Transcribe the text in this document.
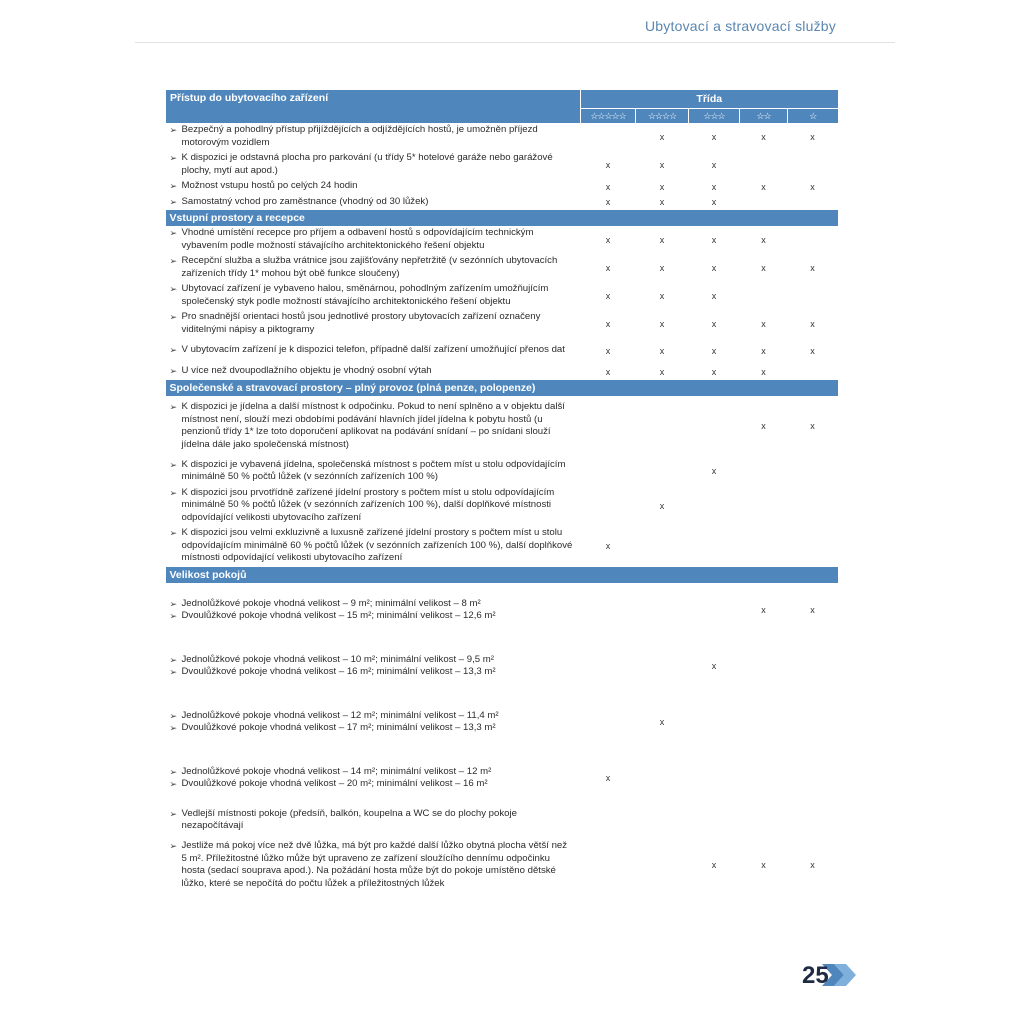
Ubytovací a stravovací služby
Přístup do ubytovacího zařízení	Třída				
	☆☆☆☆☆	☆☆☆☆	☆☆☆	☆☆	☆

➢ Bezpečný a pohodlný přístup přijíždějících a odjíždějících hostů, je umožněn příjezd motorovým vozidlem		x	x	x	x

➢ K dispozici je odstavná plocha pro parkování (u třídy 5* hotelové garáže nebo garážové plochy, mytí aut apod.)	x	x	x		

➢ Možnost vstupu hostů po celých 24 hodin	x	x	x	x	x

➢ Samostatný vchod pro zaměstnance (vhodný od 30 lůžek)	x	x	x		
Vstupní prostory a recepce					

➢ Vhodné umístění recepce pro příjem a odbavení hostů s odpovídajícím technickým vybavením podle možností stávajícího architektonického řešení objektu	x	x	x	x	

➢ Recepční služba a služba vrátnice jsou zajišťovány nepřetržitě (v sezónních ubytovacích zařízeních třídy 1* mohou být obě funkce sloučeny)	x	x	x	x	x

➢ Ubytovací zařízení je vybaveno halou, směnárnou, pohodlným zařízením umožňujícím společenský styk podle možností stávajícího architektonického řešení objektu	x	x	x		

➢ Pro snadnější orientaci hostů jsou jednotlivé prostory ubytovacích zařízení označeny viditelnými nápisy a piktogramy	x	x	x	x	x

➢ V ubytovacím zařízení je k dispozici telefon, případně další zařízení umožňující přenos dat	x	x	x	x	x

➢ U více než dvoupodlažního objektu je vhodný osobní výtah	x	x	x	x	
Společenské a stravovací prostory – plný provoz (plná penze, polopenze)					

➢ K dispozici je jídelna a další místnost k odpočinku. Pokud to není splněno a v objektu další místnost není, slouží mezi obdobími podávání hlavních jídel jídelna k pobytu hostů (u penzionů třídy 1* lze toto doporučení aplikovat na podávání snídaní – po snídani slouží jídelna dále jako společenská místnost)				x	x

➢ K dispozici je vybavená jídelna, společenská místnost s počtem míst u stolu odpovídajícím minimálně 50 % počtů lůžek (v sezónních zařízeních 100 %)			x		

➢ K dispozici jsou prvotřídně zařízené jídelní prostory s počtem míst u stolu odpovídajícím minimálně 50 % počtů lůžek (v sezónních zařízeních 100 %), další doplňkové místnosti odpovídající velikosti ubytovacího zařízení		x			

➢ K dispozici jsou velmi exkluzivně a luxusně zařízené jídelní prostory s počtem míst u stolu odpovídajícím minimálně 60 % počtů lůžek (v sezónních zařízeních 100 %), další doplňkové místnosti odpovídající velikosti ubytovacího zařízení	x				
Velikost pokojů					

➢ Jednolůžkové pokoje vhodná velikost – 9 m²; minimální velikost – 8 m²
➢ Dvoulůžkové pokoje vhodná velikost – 15 m²; minimální velikost – 12,6 m²				x	x

➢ Jednolůžkové pokoje vhodná velikost – 10 m²; minimální velikost – 9,5 m²
➢ Dvoulůžkové pokoje vhodná velikost – 16 m²; minimální velikost – 13,3 m²			x		

➢ Jednolůžkové pokoje vhodná velikost – 12 m²; minimální velikost – 11,4 m²
➢ Dvoulůžkové pokoje vhodná velikost – 17 m²; minimální velikost – 13,3 m²		x			

➢ Jednolůžkové pokoje vhodná velikost – 14 m²; minimální velikost – 12 m²
➢ Dvoulůžkové pokoje vhodná velikost – 20 m²; minimální velikost – 16 m²	x				

➢ Vedlejší místnosti pokoje (předsíň, balkón, koupelna a WC se do plochy pokoje nezapočítávají					

➢ Jestliže má pokoj více než dvě lůžka, má být pro každé další lůžko obytná plocha větší než 5 m². Příležitostné lůžko může být upraveno ze zařízení sloužícího dennímu odpočinku hosta (sedací souprava apod.). Na požádání hosta může být do pokoje umístěno dětské lůžko, které se nepočítá do počtu lůžek a příležitostných lůžek			x	x	x
25
